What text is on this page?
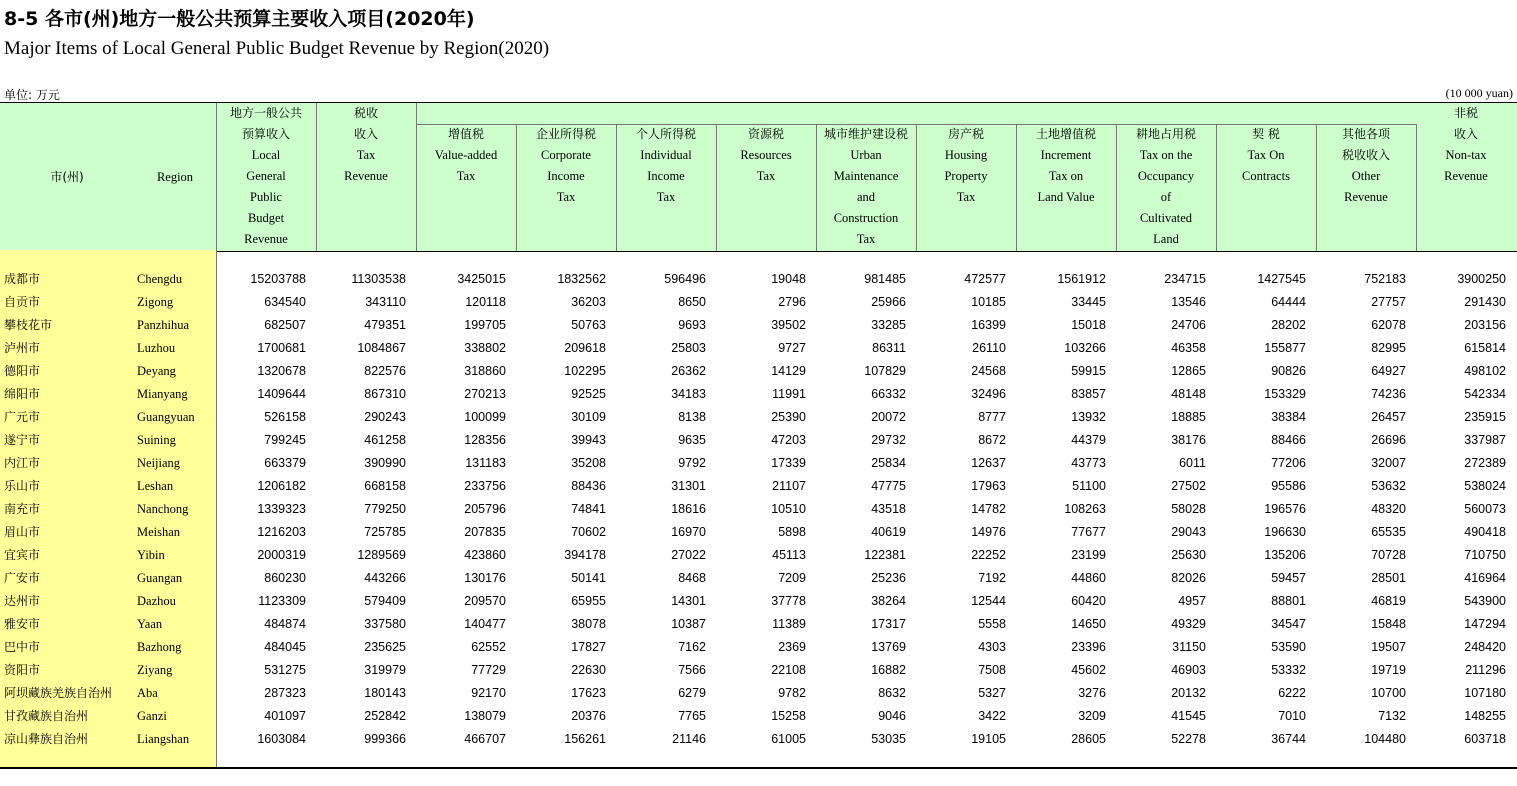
8-5 各市(州)地方一般公共预算主要收入项目(2020年)
Major Items of Local General Public Budget Revenue by Region(2020)
单位: 万元	(10 000 yuan)
市(州)	Region
地方一般公共
预算收入
Local
General
Public
Budget
Revenue
税收
收入
Tax
Revenue
增值税
Value-added
Tax
企业所得税
Corporate
Income
Tax
个人所得税
Individual
Income
Tax
资源税
Resources
Tax
城市维护建设税
Urban
Maintenance
and
Construction
Tax
房产税
Housing
Property
Tax
土地增值税
Increment
Tax on
Land Value
耕地占用税
Tax on the
Occupancy
of
Cultivated
Land
契 税
Tax On
Contracts
其他各项
税收收入
Other
Revenue
非税
收入
Non-tax
Revenue
成都市	Chengdu	15203788	11303538	3425015	1832562	596496	19048	981485	472577	1561912	234715	1427545	752183	3900250
自贡市	Zigong	634540	343110	120118	36203	8650	2796	25966	10185	33445	13546	64444	27757	291430
攀枝花市	Panzhihua	682507	479351	199705	50763	9693	39502	33285	16399	15018	24706	28202	62078	203156
泸州市	Luzhou	1700681	1084867	338802	209618	25803	9727	86311	26110	103266	46358	155877	82995	615814
德阳市	Deyang	1320678	822576	318860	102295	26362	14129	107829	24568	59915	12865	90826	64927	498102
绵阳市	Mianyang	1409644	867310	270213	92525	34183	11991	66332	32496	83857	48148	153329	74236	542334
广元市	Guangyuan	526158	290243	100099	30109	8138	25390	20072	8777	13932	18885	38384	26457	235915
遂宁市	Suining	799245	461258	128356	39943	9635	47203	29732	8672	44379	38176	88466	26696	337987
内江市	Neijiang	663379	390990	131183	35208	9792	17339	25834	12637	43773	6011	77206	32007	272389
乐山市	Leshan	1206182	668158	233756	88436	31301	21107	47775	17963	51100	27502	95586	53632	538024
南充市	Nanchong	1339323	779250	205796	74841	18616	10510	43518	14782	108263	58028	196576	48320	560073
眉山市	Meishan	1216203	725785	207835	70602	16970	5898	40619	14976	77677	29043	196630	65535	490418
宜宾市	Yibin	2000319	1289569	423860	394178	27022	45113	122381	22252	23199	25630	135206	70728	710750
广安市	Guangan	860230	443266	130176	50141	8468	7209	25236	7192	44860	82026	59457	28501	416964
达州市	Dazhou	1123309	579409	209570	65955	14301	37778	38264	12544	60420	4957	88801	46819	543900
雅安市	Yaan	484874	337580	140477	38078	10387	11389	17317	5558	14650	49329	34547	15848	147294
巴中市	Bazhong	484045	235625	62552	17827	7162	2369	13769	4303	23396	31150	53590	19507	248420
资阳市	Ziyang	531275	319979	77729	22630	7566	22108	16882	7508	45602	46903	53332	19719	211296
阿坝藏族羌族自治州 Aba	287323	180143	92170	17623	6279	9782	8632	5327	3276	20132	6222	10700	107180
甘孜藏族自治州	Ganzi	401097	252842	138079	20376	7765	15258	9046	3422	3209	41545	7010	7132	148255
凉山彝族自治州	Liangshan	1603084	999366	466707	156261	21146	61005	53035	19105	28605	52278	36744	104480	603718
